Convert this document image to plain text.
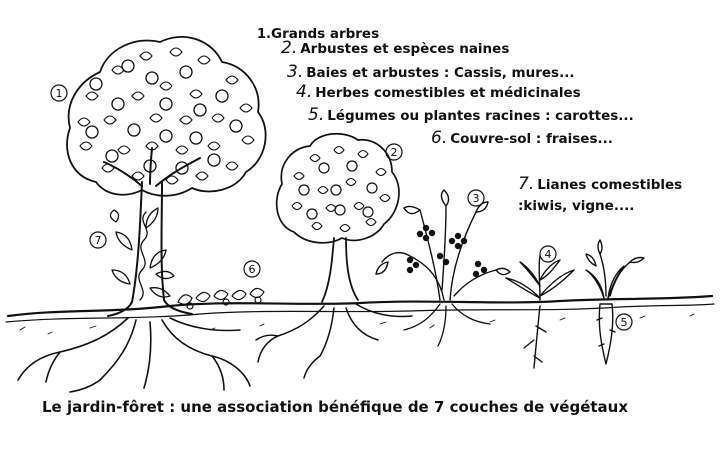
1
2
3
4
5
6
7
1.Grands arbres
2. Arbustes et espèces naines
3. Baies et arbustes : Cassis, mures...
4. Herbes comestibles et médicinales
5. Légumes ou plantes racines : carottes...
6. Couvre-sol : fraises...
7. Lianes comestibles :kiwis, vigne....
Le jardin-fôret : une association bénéfique de 7 couches de végétaux
